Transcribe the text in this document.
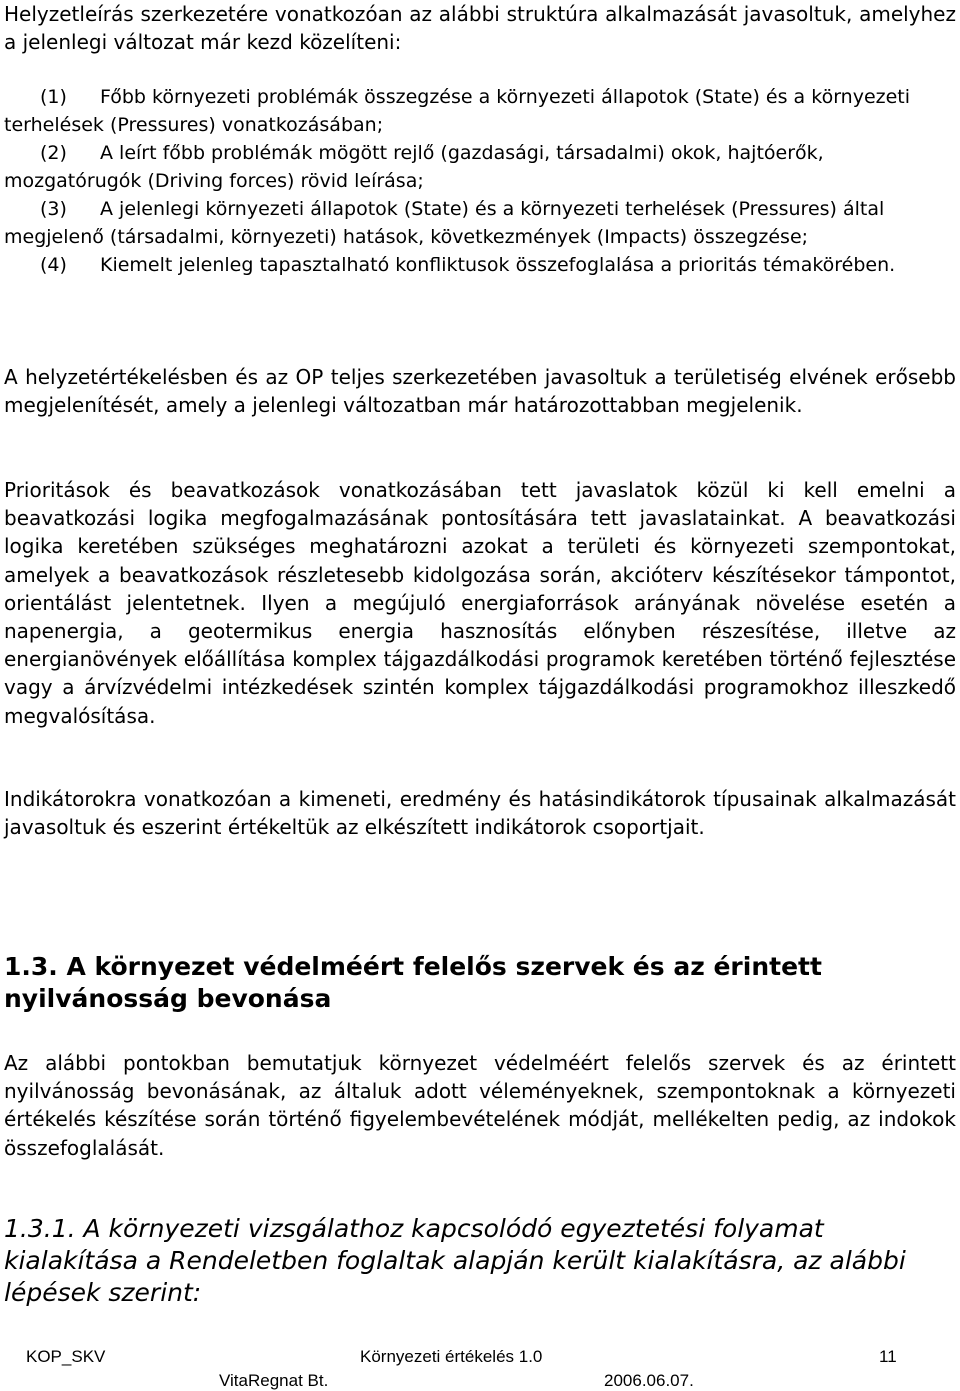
Helyzetleírás szerkezetére vonatkozóan az alábbi struktúra alkalmazását javasoltuk, amelyhez a jelenlegi változat már kezd közelíteni:

(1)	Főbb környezeti problémák összegzése a környezeti állapotok (State) és a környezeti terhelések (Pressures) vonatkozásában;
(2)	A leírt főbb problémák mögött rejlő (gazdasági, társadalmi) okok, hajtóerők, mozgatórugók (Driving forces) rövid leírása;
(3)	A jelenlegi környezeti állapotok (State) és a környezeti terhelések (Pressures) által megjelenő (társadalmi, környezeti) hatások, következmények (Impacts) összegzése;
(4)	Kiemelt jelenleg tapasztalható konfliktusok összefoglalása a prioritás témakörében.

A helyzetértékelésben és az OP teljes szerkezetében javasoltuk a területiség elvének erősebb megjelenítését, amely a jelenlegi változatban már határozottabban megjelenik.

Prioritások és beavatkozások vonatkozásában tett javaslatok közül ki kell emelni a beavatkozási logika megfogalmazásának pontosítására tett javaslatainkat. A beavatkozási logika keretében szükséges meghatározni azokat a területi és környezeti szempontokat, amelyek a beavatkozások részletesebb kidolgozása során, akcióterv készítésekor támpontot, orientálást jelentetnek. Ilyen a megújuló energiaforrások arányának növelése esetén a napenergia, a geotermikus energia hasznosítás előnyben részesítése, illetve az energianövények előállítása komplex tájgazdálkodási programok keretében történő fejlesztése vagy a árvízvédelmi intézkedések szintén komplex tájgazdálkodási programokhoz illeszkedő megvalósítása.

Indikátorokra vonatkozóan a kimeneti, eredmény és hatásindikátorok típusainak alkalmazását javasoltuk és eszerint értékeltük az elkészített indikátorok csoportjait.

1.3. A környezet védelméért felelős szervek és az érintett nyilvánosság bevonása

Az alábbi pontokban bemutatjuk környezet védelméért felelős szervek és az érintett nyilvánosság bevonásának, az általuk adott véleményeknek, szempontoknak a környezeti értékelés készítése során történő figyelembevételének módját, mellékelten pedig, az indokok összefoglalását.

1.3.1. A környezeti vizsgálathoz kapcsolódó egyeztetési folyamat kialakítása a Rendeletben foglaltak alapján került kialakításra, az alábbi lépések szerint:
KOP_SKV	Környezeti értékelés 1.0	11
VitaRegnat Bt.	2006.06.07.
